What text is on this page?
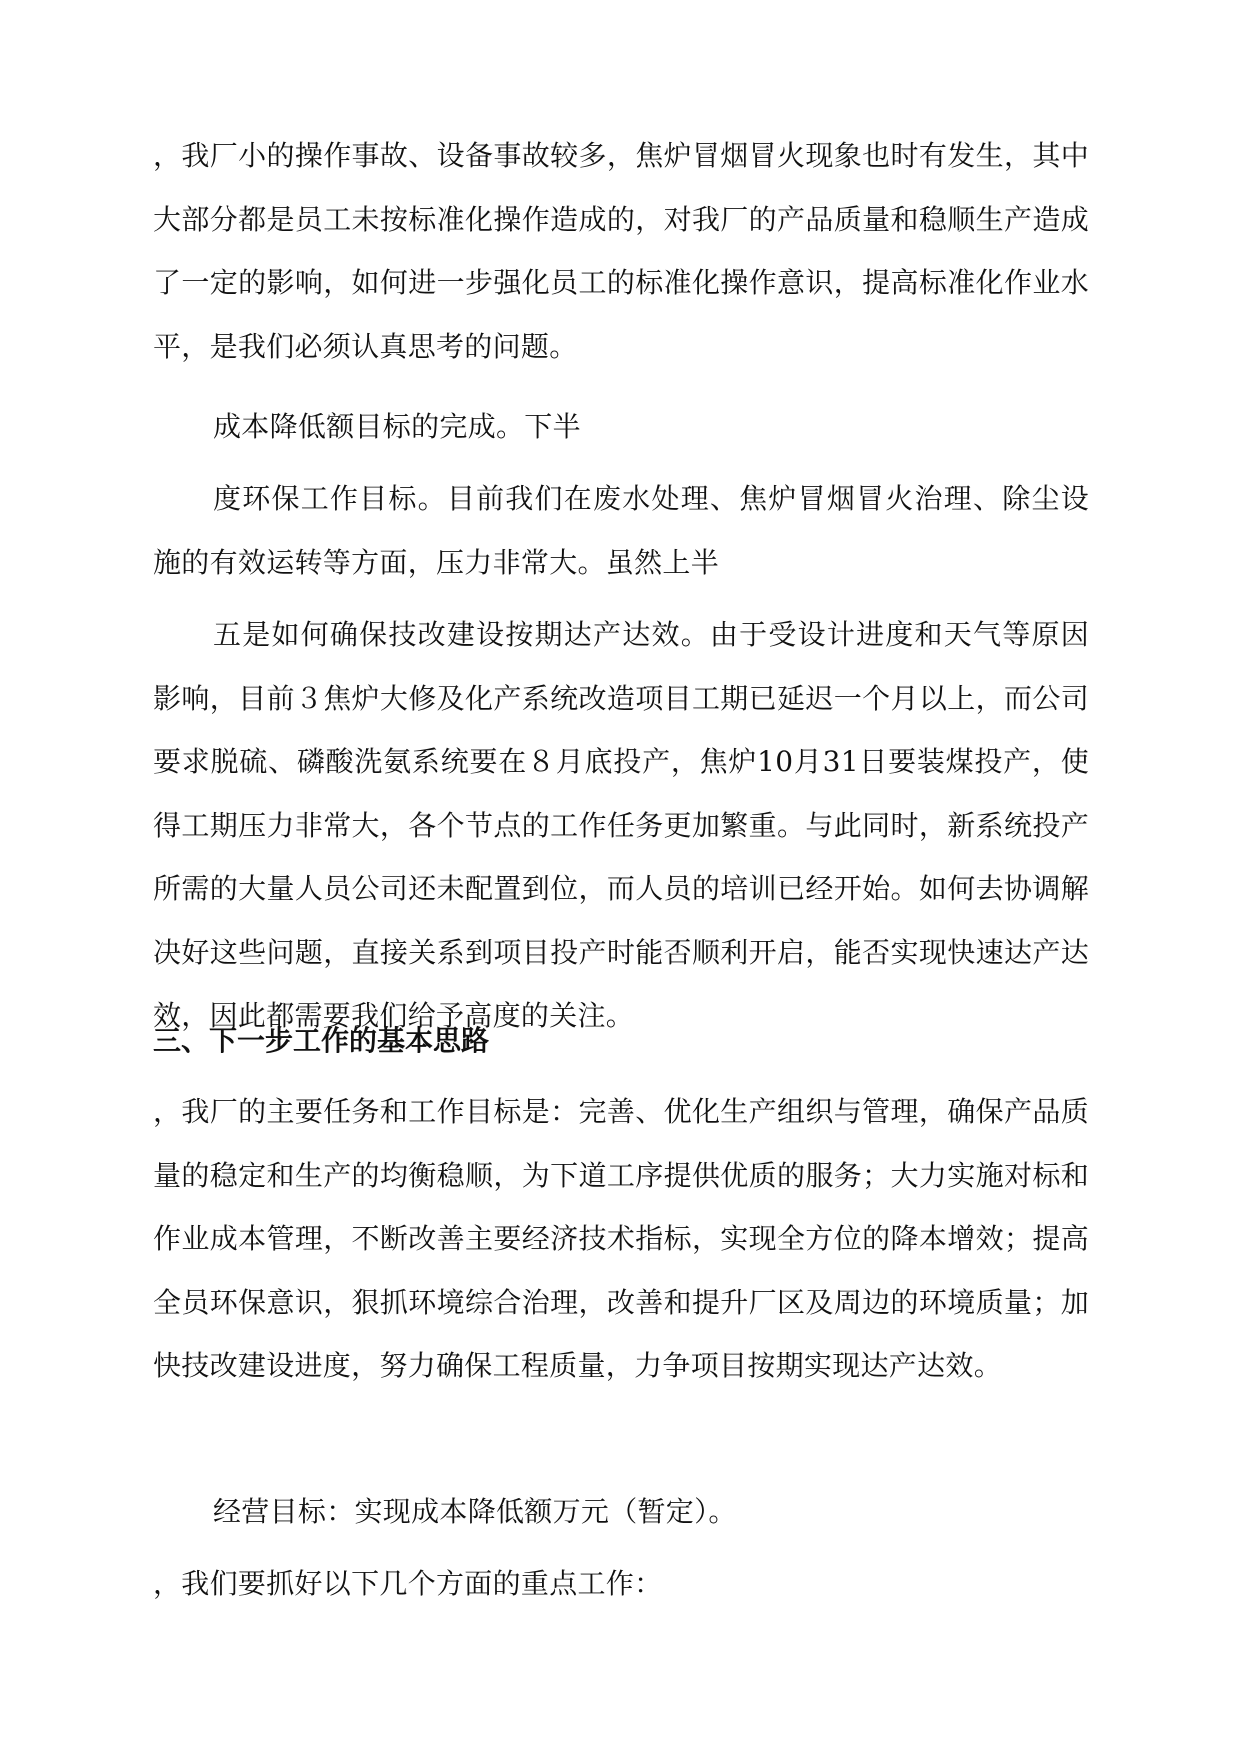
，我厂小的操作事故、设备事故较多，焦炉冒烟冒火现象也时有发生，其中大部分都是员工未按标准化操作造成的，对我厂的产品质量和稳顺生产造成了一定的影响，如何进一步强化员工的标准化操作意识，提高标准化作业水平，是我们必须认真思考的问题。

成本降低额目标的完成。下半

度环保工作目标。目前我们在废水处理、焦炉冒烟冒火治理、除尘设施的有效运转等方面，压力非常大。虽然上半

五是如何确保技改建设按期达产达效。由于受设计进度和天气等原因影响，目前３焦炉大修及化产系统改造项目工期已延迟一个月以上，而公司要求脱硫、磷酸洗氨系统要在８月底投产，焦炉10月31日要装煤投产，使得工期压力非常大，各个节点的工作任务更加繁重。与此同时，新系统投产所需的大量人员公司还未配置到位，而人员的培训已经开始。如何去协调解决好这些问题，直接关系到项目投产时能否顺利开启，能否实现快速达产达效，因此都需要我们给予高度的关注。

三、下一步工作的基本思路

，我厂的主要任务和工作目标是：完善、优化生产组织与管理，确保产品质量的稳定和生产的均衡稳顺，为下道工序提供优质的服务；大力实施对标和作业成本管理，不断改善主要经济技术指标，实现全方位的降本增效；提高全员环保意识，狠抓环境综合治理，改善和提升厂区及周边的环境质量；加快技改建设进度，努力确保工程质量，力争项目按期实现达产达效。

经营目标：实现成本降低额万元（暂定）。

，我们要抓好以下几个方面的重点工作：
